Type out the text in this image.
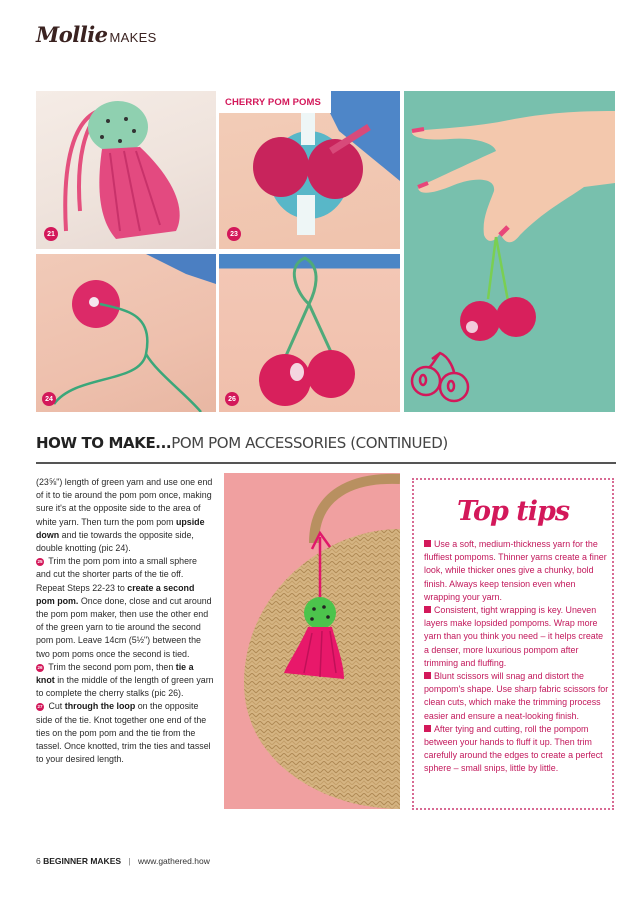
Mollie MAKES
21
CHERRY POM POMS
23
24	26
HOW TO MAKE...POM POM ACCESSORIES (CONTINUED)

(23⅝") length of green yarn and use one end of it to tie around the pom pom once, making sure it's at the opposite side to the area of white yarn. Then turn the pom pom upside down and tie towards the opposite side, double knotting (pic 24).

25 Trim the pom pom into a small sphere and cut the shorter parts of the tie off. Repeat Steps 22-23 to create a second pom pom. Once done, close and cut around the pom pom maker, then use the other end of the green yarn to tie around the second pom pom. Leave 14cm (5½") between the two pom poms once the second is tied.

26 Trim the second pom pom, then tie a knot in the middle of the length of green yarn to complete the cherry stalks (pic 26).

27 Cut through the loop on the opposite side of the tie. Knot together one end of the ties on the pom pom and the tie from the tassel. Once knotted, trim the ties and tassel to your desired length.

Top tips

Use a soft, medium-thickness yarn for the fluffiest pompoms. Thinner yarns create a finer look, while thicker ones give a chunky, bold finish. Always keep tension even when wrapping your yarn.

Consistent, tight wrapping is key. Uneven layers make lopsided pompoms. Wrap more yarn than you think you need – it helps create a denser, more luxurious pompom after trimming and fluffing.

Blunt scissors will snag and distort the pompom's shape. Use sharp fabric scissors for clean cuts, which make the trimming process easier and ensure a neat-looking finish.

After tying and cutting, roll the pompom between your hands to fluff it up. Then trim carefully around the edges to create a perfect sphere – small snips, little by little.

6 BEGINNER MAKES | www.gathered.how
